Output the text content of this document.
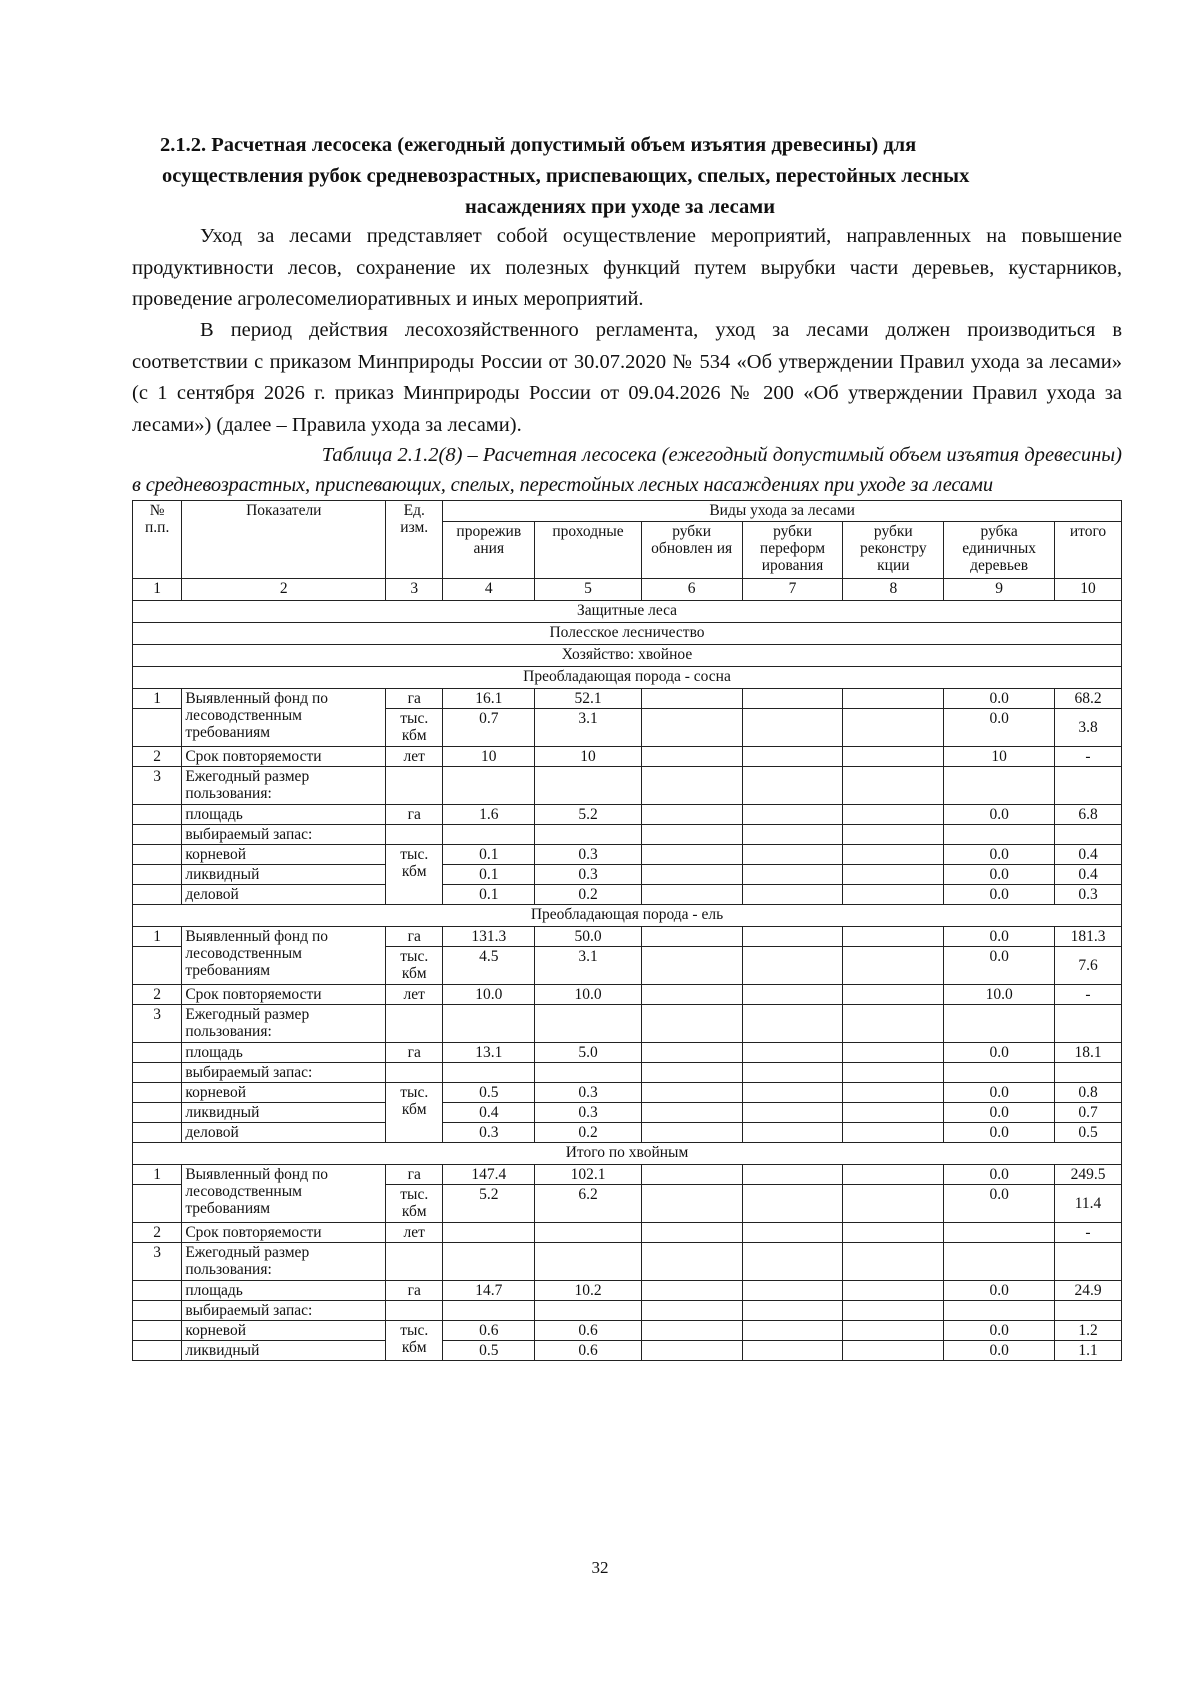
2.1.2. Расчетная лесосека (ежегодный допустимый объем изъятия древесины) для
осуществления рубок средневозрастных, приспевающих, спелых, перестойных лесных
насаждениях при уходе за лесами
Уход за лесами представляет собой осуществление мероприятий, направленных на повышение продуктивности лесов, сохранение их полезных функций путем вырубки части деревьев, кустарников, проведение агролесомелиоративных и иных мероприятий.
В период действия лесохозяйственного регламента, уход за лесами должен производиться в соответствии с приказом Минприроды России от 30.07.2020 № 534 «Об утверждении Правил ухода за лесами» (с 1 сентября 2026 г. приказ Минприроды России от 09.04.2026 № 200 «Об утверждении Правил ухода за лесами») (далее – Правила ухода за лесами).
Таблица 2.1.2(8) – Расчетная лесосека (ежегодный допустимый объем изъятия древесины)
в средневозрастных, приспевающих, спелых, перестойных лесных насаждениях при уходе за лесами
№ п.п.	Показатели	Ед. изм.	Виды ухода за лесами						
			прорежив ания	проходные	рубки обновлен ия	рубки переформ ирования	рубки реконстру кции	рубка единичных деревьев	итого
1	2	3	4	5	6	7	8	9	10
Защитные леса									
Полесское лесничество									
Хозяйство: хвойное									
Преобладающая порода - сосна									
1	Выявленный фонд по лесоводственным требованиям	га	16.1	52.1				0.0	68.2
		тыс. кбм	0.7	3.1				0.0	3.8
2	Срок повторяемости	лет	10	10				10	-
3	Ежегодный размер пользования:								
	площадь	га	1.6	5.2				0.0	6.8
	выбираемый запас:								
	корневой	тыс. кбм	0.1	0.3				0.0	0.4
	ликвидный		0.1	0.3				0.0	0.4
	деловой		0.1	0.2				0.0	0.3
Преобладающая порода - ель									
1	Выявленный фонд по лесоводственным требованиям	га	131.3	50.0				0.0	181.3
		тыс. кбм	4.5	3.1				0.0	7.6
2	Срок повторяемости	лет	10.0	10.0				10.0	-
3	Ежегодный размер пользования:								
	площадь	га	13.1	5.0				0.0	18.1
	выбираемый запас:								
	корневой	тыс. кбм	0.5	0.3				0.0	0.8
	ликвидный		0.4	0.3				0.0	0.7
	деловой		0.3	0.2				0.0	0.5
Итого по хвойным									
1	Выявленный фонд по лесоводственным требованиям	га	147.4	102.1				0.0	249.5
		тыс. кбм	5.2	6.2				0.0	11.4
2	Срок повторяемости	лет							-
3	Ежегодный размер пользования:								
	площадь	га	14.7	10.2				0.0	24.9
	выбираемый запас:								
	корневой	тыс. кбм	0.6	0.6				0.0	1.2
	ликвидный		0.5	0.6				0.0	1.1
32
